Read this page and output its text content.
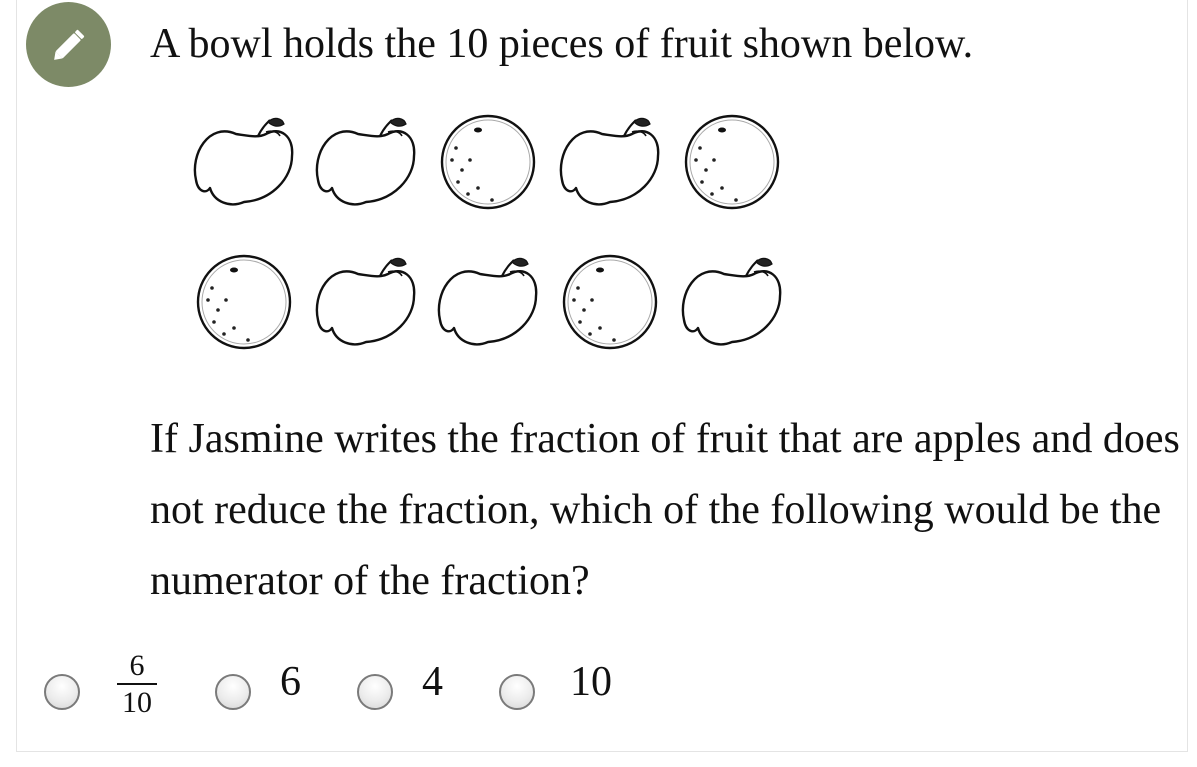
A bowl holds the 10 pieces of fruit shown below.
If Jasmine writes the fraction of fruit that are apples and does not reduce the fraction, which of the following would be the numerator of the fraction?
6
10	6	4	10
